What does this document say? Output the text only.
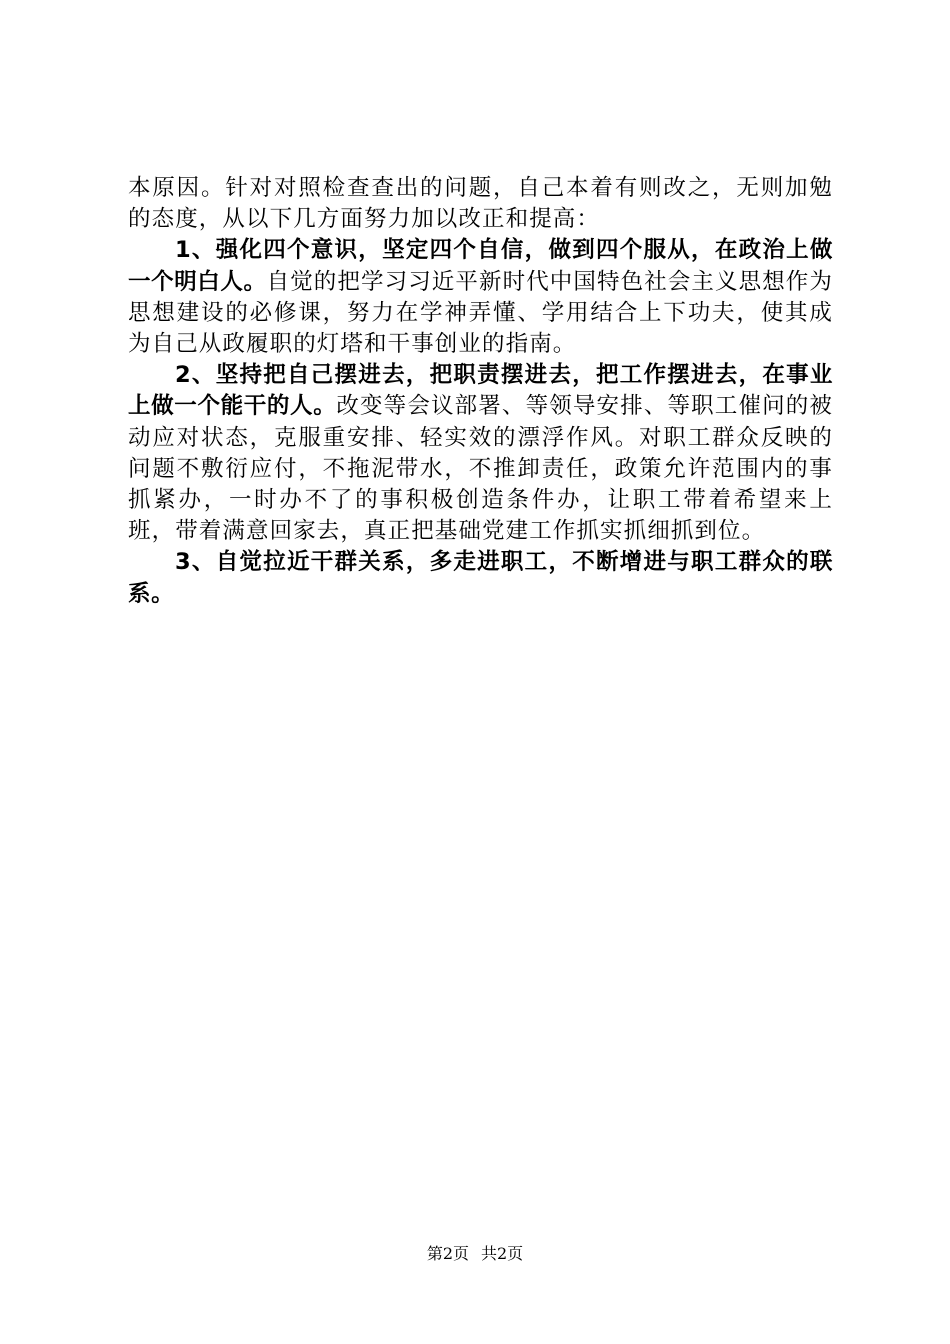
本原因。针对对照检查查出的问题，自己本着有则改之，无则加勉的态度，从以下几方面努力加以改正和提高：

1、强化四个意识，坚定四个自信，做到四个服从，在政治上做一个明白人。自觉的把学习习近平新时代中国特色社会主义思想作为思想建设的必修课，努力在学神弄懂、学用结合上下功夫，使其成为自己从政履职的灯塔和干事创业的指南。

2、坚持把自己摆进去，把职责摆进去，把工作摆进去，在事业上做一个能干的人。改变等会议部署、等领导安排、等职工催问的被动应对状态，克服重安排、轻实效的漂浮作风。对职工群众反映的问题不敷衍应付，不拖泥带水，不推卸责任，政策允许范围内的事抓紧办，一时办不了的事积极创造条件办，让职工带着希望来上班，带着满意回家去，真正把基础党建工作抓实抓细抓到位。

3、自觉拉近干群关系，多走进职工，不断增进与职工群众的联系。

第2页 共2页
